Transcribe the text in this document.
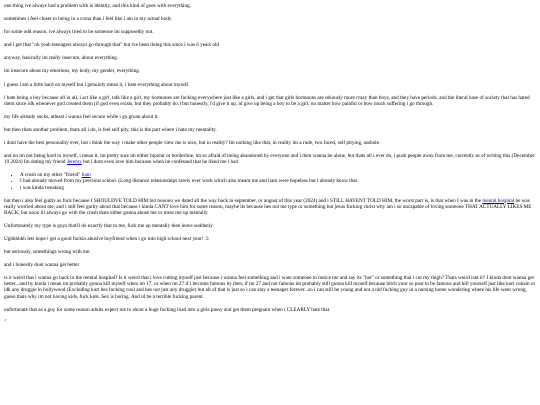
one thing ive always had a problem with is identity, and this kind of goes with everything.

sometimes i feel closer to being in a coma than i feel like i am in my actual body.

for some odd reason, ive always tried to be someone im supposedly not.

and i get that "oh yeah teenagers always go through that" but ive been doing this since i was 6 years old

anyway, basically im really insecure, about everything.

im insecure about my emotions, my body, my gender, everything.

i guess i am a little hard on myself but i genuinly mean it, i hate everything about myself.

i hate being a boy because all in all, i act like a girl, talk like a girl, my hormones are fucking everywhere just like a girls, and i get that girls hormones are obiously more crazy than boys, and they have periods, and the literal base of society that has hated them since idk whenever god created them (if god even exists, but they probably do.) but honestly, i'd give it up, id give up being a boy to be a girl, no matter how painful or how much suffering i go through.

my life already sucks, atleast i wanna feel secure while i go groan about it.

but then thats another problem, thats all i do, is feel self pity, this is the part where i hate my mentality.

i dont have the best personality ever, but i think the way i make other people view me is nice, but in reality? Im nothing like that, in reality im a rude, two faced, self pitying, asshole.

and no im not being hard to myself, i mean it, im pretty sure im either bipolar or borderline, im so afraid of being abandoned by everyone and i dont wanna be alone, but thats all i ever do, i push people away from me, currently as of writing this (December 19 2024) Im dating my friend Jeremy but i dont even love him because when he confessed that he liked me i had

• A crush on my other "friend" liam
• I had already moved from my previous school. (Long distance relationships rarely ever work which also meant me and liam were hopeless but i already know that.
• i was kinda tweaking

but then i also feel guilty as fuck because I SHOULDVE TOLD HIM but nooooo we dated all the way back in september, or august of this year (2024) and i STILL HAVENT TOLD HIM, the worst part is, is that when I was in the mental hospital he was really worried about me, and i still feel guilty about that because i kinda CANT love him for some reason, maybe its because hes not me type or something but jesus fucking christ why am i so uncapable of loving someone THAT ACTUALLY LIKES ME BACK, but nooo ill always go with the crush thats either gonna abuse me or mess me up mentally.

Unfortunately my type is guys that'll do exactly that to me, fuck me up mentally then leave suddenly.

Ughhhhhh lets hope i get a good fuckin abusive boyfriend when i go into high school next year! :3

but seriously, somethings wrong with me.

and i honestly dont wanna get better

is it weird that i wanna go back to the mental hospital? Is it weird that i love cutting myself just because i wanna feel something and i want someone to notice me and say its "hot" or something that i cut my thigh? Thats weird isnt it? I kinda dont wanna get better...and by kinda i mean im probably gonna kill myself when im 17, or when im 27 if i become famous by then, if im 27 and not famous im probably still gonna kill myself because bitch your so post to be famous and kill yourself just like kurt cobain or idk any druggie in hollywood (Excluding kurt hes fucking cool and hes not just any druggie) but all of that is just so i can stay a teenager forever...so i can still be young and not a old fucking guy in a nursing home wondering where his life went wrong, guess thats why im not having kids, fuck kids. Sex is boring. And id be a terrible fucking parent.

unfortunate that as a guy for some reason adults expect me to shoot a huge fucking load into a girls pussy and get them pregnant when i CLEARLY hate that.

<
